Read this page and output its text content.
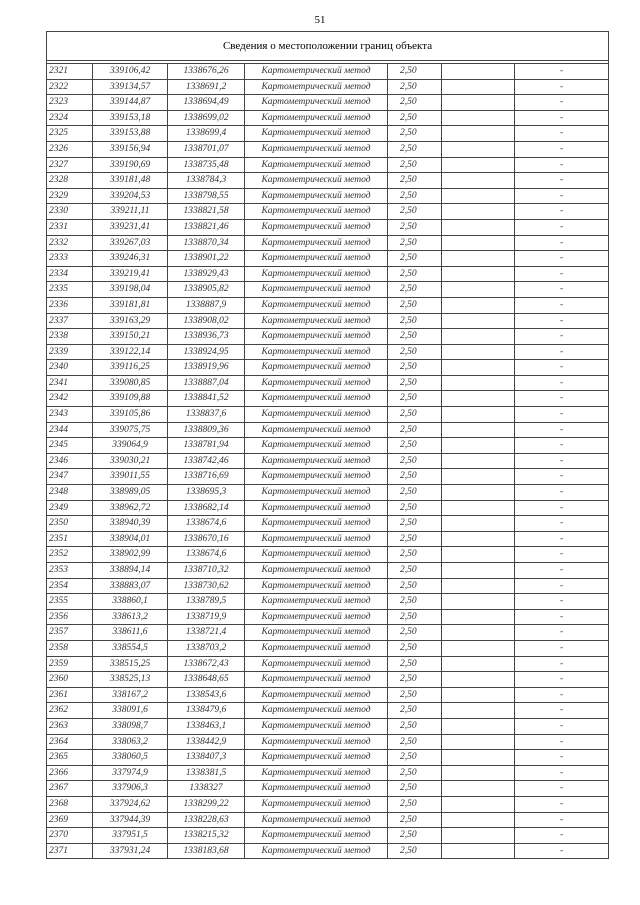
51
Сведения о местоположении границ объекта						

2321	339106,42	1338676,26	Картометрический метод	2,50		-
2322	339134,57	1338691,2	Картометрический метод	2,50		-
2323	339144,87	1338694,49	Картометрический метод	2,50		-
2324	339153,18	1338699,02	Картометрический метод	2,50		-
2325	339153,88	1338699,4	Картометрический метод	2,50		-
2326	339156,94	1338701,07	Картометрический метод	2,50		-
2327	339190,69	1338735,48	Картометрический метод	2,50		-
2328	339181,48	1338784,3	Картометрический метод	2,50		-
2329	339204,53	1338798,55	Картометрический метод	2,50		-
2330	339211,11	1338821,58	Картометрический метод	2,50		-
2331	339231,41	1338821,46	Картометрический метод	2,50		-
2332	339267,03	1338870,34	Картометрический метод	2,50		-
2333	339246,31	1338901,22	Картометрический метод	2,50		-
2334	339219,41	1338929,43	Картометрический метод	2,50		-
2335	339198,04	1338905,82	Картометрический метод	2,50		-
2336	339181,81	1338887,9	Картометрический метод	2,50		-
2337	339163,29	1338908,02	Картометрический метод	2,50		-
2338	339150,21	1338936,73	Картометрический метод	2,50		-
2339	339122,14	1338924,95	Картометрический метод	2,50		-
2340	339116,25	1338919,96	Картометрический метод	2,50		-
2341	339080,85	1338887,04	Картометрический метод	2,50		-
2342	339109,88	1338841,52	Картометрический метод	2,50		-
2343	339105,86	1338837,6	Картометрический метод	2,50		-
2344	339075,75	1338809,36	Картометрический метод	2,50		-
2345	339064,9	1338781,94	Картометрический метод	2,50		-
2346	339030,21	1338742,46	Картометрический метод	2,50		-
2347	339011,55	1338716,69	Картометрический метод	2,50		-
2348	338989,05	1338695,3	Картометрический метод	2,50		-
2349	338962,72	1338682,14	Картометрический метод	2,50		-
2350	338940,39	1338674,6	Картометрический метод	2,50		-
2351	338904,01	1338670,16	Картометрический метод	2,50		-
2352	338902,99	1338674,6	Картометрический метод	2,50		-
2353	338894,14	1338710,32	Картометрический метод	2,50		-
2354	338883,07	1338730,62	Картометрический метод	2,50		-
2355	338860,1	1338789,5	Картометрический метод	2,50		-
2356	338613,2	1338719,9	Картометрический метод	2,50		-
2357	338611,6	1338721,4	Картометрический метод	2,50		-
2358	338554,5	1338703,2	Картометрический метод	2,50		-
2359	338515,25	1338672,43	Картометрический метод	2,50		-
2360	338525,13	1338648,65	Картометрический метод	2,50		-
2361	338167,2	1338543,6	Картометрический метод	2,50		-
2362	338091,6	1338479,6	Картометрический метод	2,50		-
2363	338098,7	1338463,1	Картометрический метод	2,50		-
2364	338063,2	1338442,9	Картометрический метод	2,50		-
2365	338060,5	1338407,3	Картометрический метод	2,50		-
2366	337974,9	1338381,5	Картометрический метод	2,50		-
2367	337906,3	1338327	Картометрический метод	2,50		-
2368	337924,62	1338299,22	Картометрический метод	2,50		-
2369	337944,39	1338228,63	Картометрический метод	2,50		-
2370	337951,5	1338215,32	Картометрический метод	2,50		-
2371	337931,24	1338183,68	Картометрический метод	2,50		-
